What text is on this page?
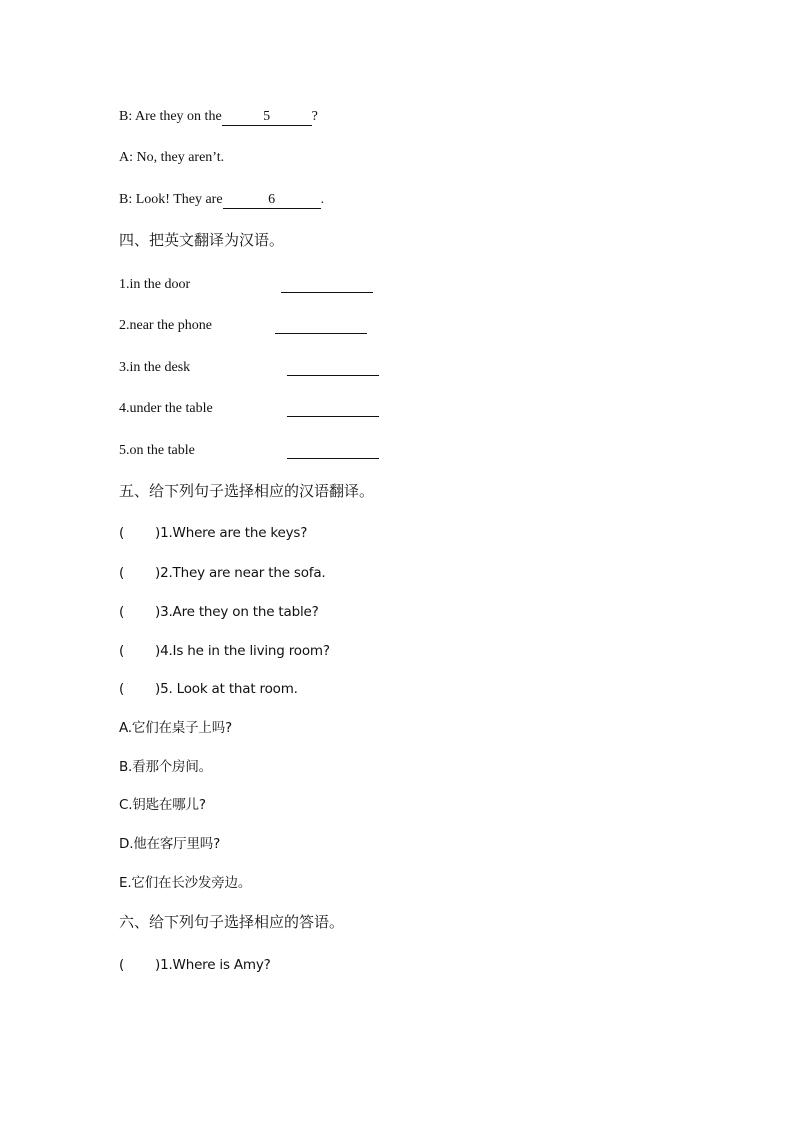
B: Are they on the	5	?
A: No, they aren’t.
B: Look! They are	6	.
四、把英文翻译为汉语。
1.in the door
2.near the phone
3.in the desk
4.under the table
5.on the table
五、给下列句子选择相应的汉语翻译。
( )1.Where are the keys?
( )2.They are near the sofa.
( )3.Are they on the table?
( )4.Is he in the living room?
( )5. Look at that room.
A.它们在桌子上吗?
B.看那个房间。
C.钥匙在哪儿?
D.他在客厅里吗?
E.它们在长沙发旁边。
六、给下列句子选择相应的答语。
( )1.Where is Amy?
